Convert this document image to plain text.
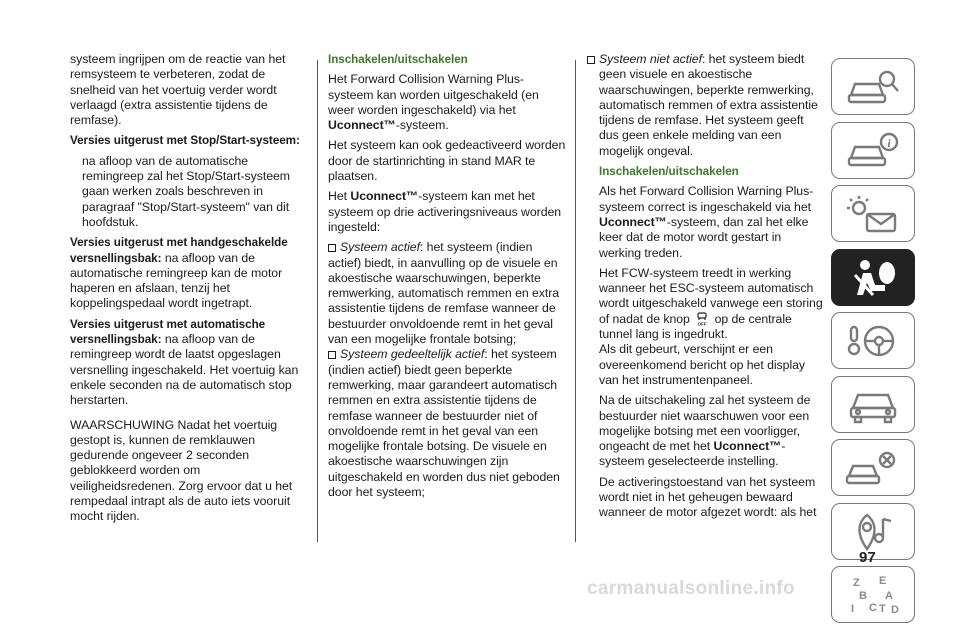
systeem ingrijpen om de reactie van het remsysteem te verbeteren, zodat de snelheid van het voertuig verder wordt verlaagd (extra assistentie tijdens de remfase).

Versies uitgerust met Stop/Start-systeem:

na afloop van de automatische remingreep zal het Stop/Start-systeem gaan werken zoals beschreven in paragraaf "Stop/Start-systeem" van dit hoofdstuk.

Versies uitgerust met handgeschakelde versnellingsbak: na afloop van de automatische remingreep kan de motor haperen en afslaan, tenzij het koppelingspedaal wordt ingetrapt.

Versies uitgerust met automatische versnellingsbak: na afloop van de remingreep wordt de laatst opgeslagen versnelling ingeschakeld. Het voertuig kan enkele seconden na de automatisch stop herstarten.

WAARSCHUWING Nadat het voertuig gestopt is, kunnen de remklauwen gedurende ongeveer 2 seconden geblokkeerd worden om veiligheidsredenen. Zorg ervoor dat u het rempedaal intrapt als de auto iets vooruit mocht rijden.

Inschakelen/uitschakelen

Het Forward Collision Warning Plus-systeem kan worden uitgeschakeld (en weer worden ingeschakeld) via het Uconnect™-systeem.

Het systeem kan ook gedeactiveerd worden door de startinrichting in stand MAR te plaatsen.

Het Uconnect™-systeem kan met het systeem op drie activeringsniveaus worden ingesteld:

Systeem actief: het systeem (indien actief) biedt, in aanvulling op de visuele en akoestische waarschuwingen, beperkte remwerking, automatisch remmen en extra assistentie tijdens de remfase wanneer de bestuurder onvoldoende remt in het geval van een mogelijke frontale botsing;

Systeem gedeeltelijk actief: het systeem (indien actief) biedt geen beperkte remwerking, maar garandeert automatisch remmen en extra assistentie tijdens de remfase wanneer de bestuurder niet of onvoldoende remt in het geval van een mogelijke frontale botsing. De visuele en akoestische waarschuwingen zijn uitgeschakeld en worden dus niet geboden door het systeem;

Systeem niet actief: het systeem biedt geen visuele en akoestische waarschuwingen, beperkte remwerking, automatisch remmen of extra assistentie tijdens de remfase. Het systeem geeft dus geen enkele melding van een mogelijk ongeval.

Inschakelen/uitschakelen

Als het Forward Collision Warning Plus-systeem correct is ingeschakeld via het Uconnect™-systeem, dan zal het elke keer dat de motor wordt gestart in werking treden.

Het FCW-systeem treedt in werking wanneer het ESC-systeem automatisch wordt uitgeschakeld vanwege een storing of nadat de knop OFF op de centrale tunnel lang is ingedrukt.

Als dit gebeurt, verschijnt er een overeenkomend bericht op het display van het instrumentenpaneel.

Na de uitschakeling zal het systeem de bestuurder niet waarschuwen voor een mogelijke botsing met een voorligger, ongeacht de met het Uconnect™-systeem geselecteerde instelling.

De activeringstoestand van het systeem wordt niet in het geheugen bewaard wanneer de motor afgezet wordt: als het

i
Z E
B A
I C T D
97
carmanualsonline.info
